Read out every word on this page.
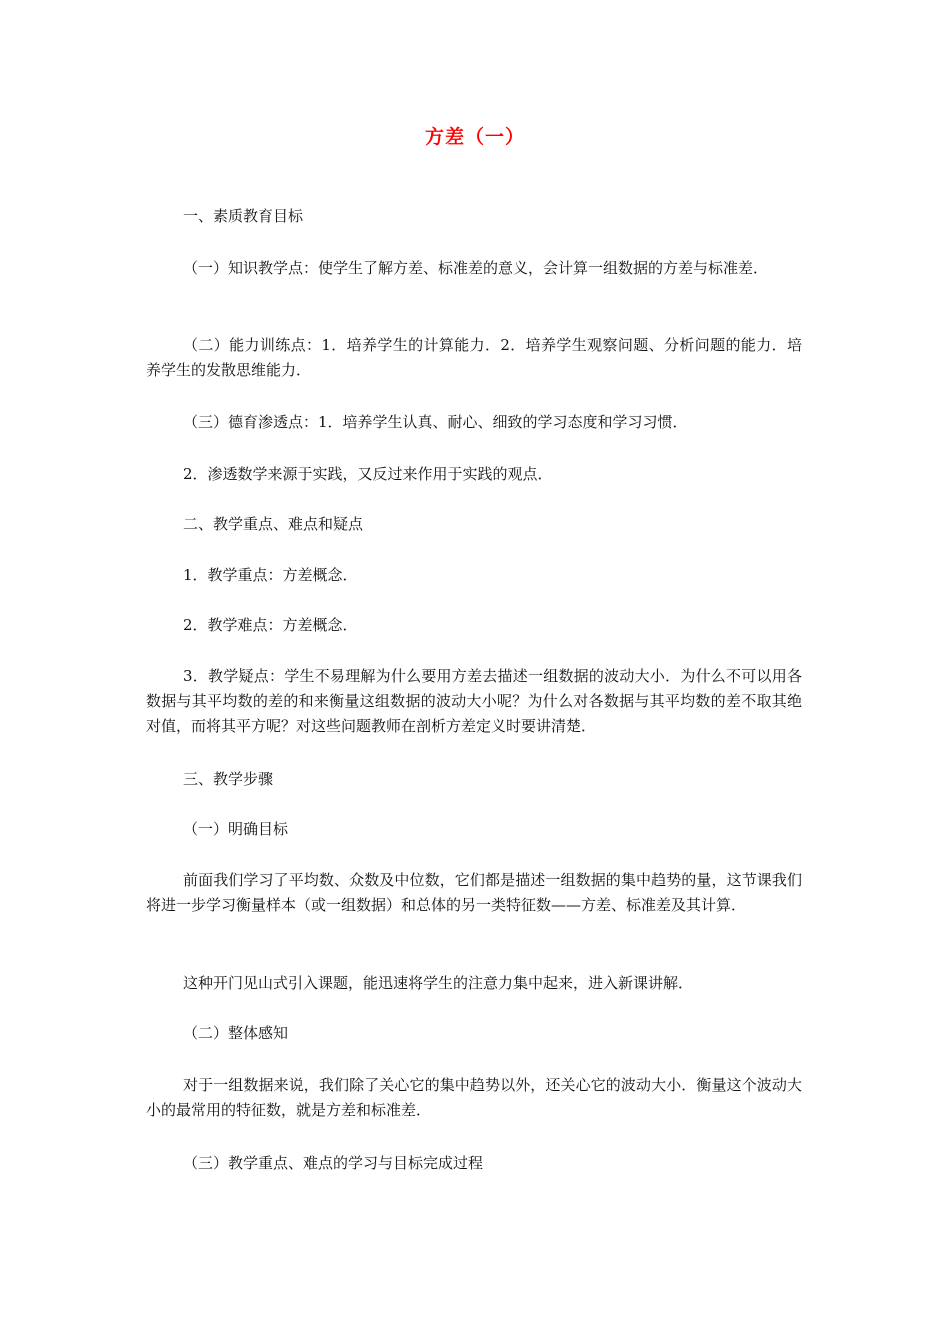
方差（一）

一、素质教育目标

（一）知识教学点：使学生了解方差、标准差的意义，会计算一组数据的方差与标准差．

（二）能力训练点：1．培养学生的计算能力．2．培养学生观察问题、分析问题的能力．培养学生的发散思维能力．

（三）德育渗透点：1．培养学生认真、耐心、细致的学习态度和学习习惯．

2．渗透数学来源于实践，又反过来作用于实践的观点．

二、教学重点、难点和疑点

1．教学重点：方差概念．

2．教学难点：方差概念．

3．教学疑点：学生不易理解为什么要用方差去描述一组数据的波动大小．为什么不可以用各数据与其平均数的差的和来衡量这组数据的波动大小呢？为什么对各数据与其平均数的差不取其绝对值，而将其平方呢？对这些问题教师在剖析方差定义时要讲清楚．

三、教学步骤

（一）明确目标

前面我们学习了平均数、众数及中位数，它们都是描述一组数据的集中趋势的量，这节课我们将进一步学习衡量样本（或一组数据）和总体的另一类特征数——方差、标准差及其计算．

这种开门见山式引入课题，能迅速将学生的注意力集中起来，进入新课讲解．

（二）整体感知

对于一组数据来说，我们除了关心它的集中趋势以外，还关心它的波动大小．衡量这个波动大小的最常用的特征数，就是方差和标准差．

（三）教学重点、难点的学习与目标完成过程
